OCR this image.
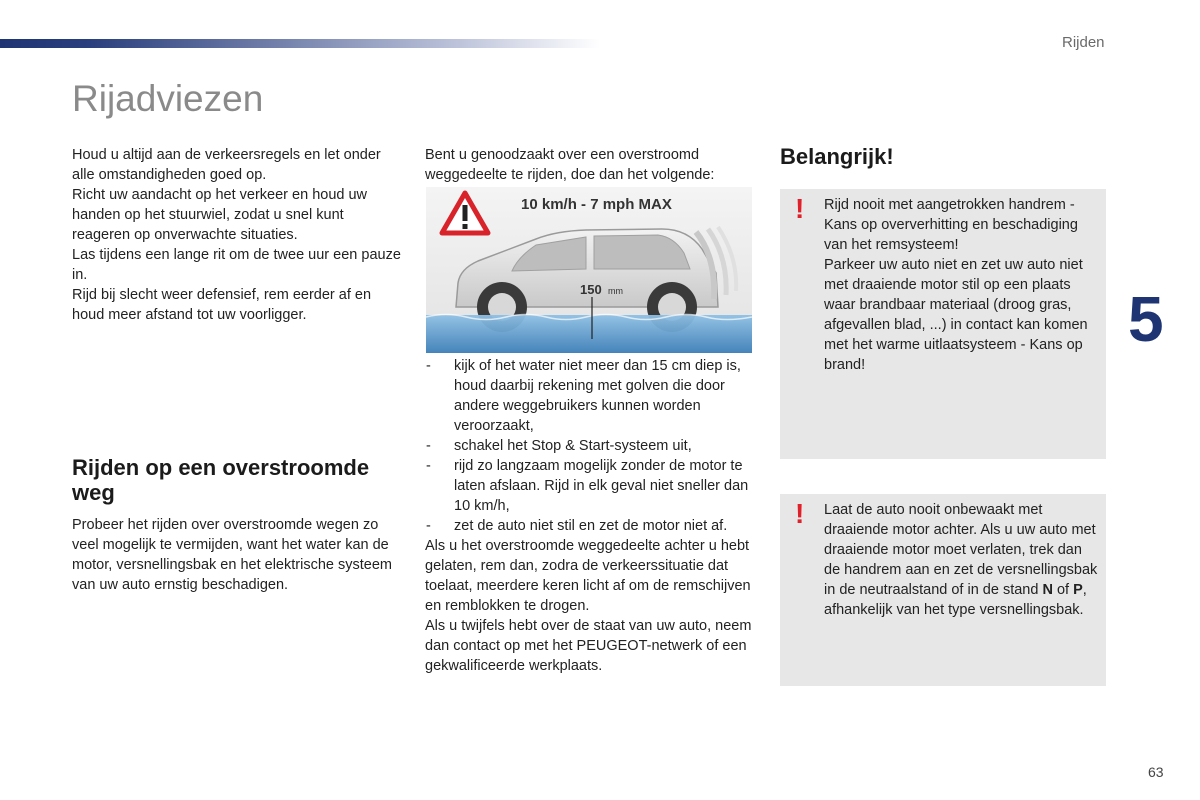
Rijden
Rijadviezen

Houd u altijd aan de verkeersregels en let onder alle omstandigheden goed op.

Richt uw aandacht op het verkeer en houd uw handen op het stuurwiel, zodat u snel kunt reageren op onverwachte situaties.

Las tijdens een lange rit om de twee uur een pauze in.

Rijd bij slecht weer defensief, rem eerder af en houd meer afstand tot uw voorligger.

Rijden op een overstroomde weg

Probeer het rijden over overstroomde wegen zo veel mogelijk te vermijden, want het water kan de motor, versnellingsbak en het elektrische systeem van uw auto ernstig beschadigen.

Bent u genoodzaakt over een overstroomd weggedeelte te rijden, doe dan het volgende:

10 km/h - 7 mph MAX
150 mm
- kijk of het water niet meer dan 15 cm diep is, houd daarbij rekening met golven die door andere weggebruikers kunnen worden veroorzaakt,
- schakel het Stop & Start-systeem uit,
- rijd zo langzaam mogelijk zonder de motor te laten afslaan. Rijd in elk geval niet sneller dan 10 km/h,
- zet de auto niet stil en zet de motor niet af.

Als u het overstroomde weggedeelte achter u hebt gelaten, rem dan, zodra de verkeerssituatie dat toelaat, meerdere keren licht af om de remschijven en remblokken te drogen.

Als u twijfels hebt over de staat van uw auto, neem dan contact op met het PEUGEOT-netwerk of een gekwalificeerde werkplaats.

Belangrijk!
! Rijd nooit met aangetrokken handrem - Kans op oververhitting en beschadiging van het remsysteem!
Parkeer uw auto niet en zet uw auto niet met draaiende motor stil op een plaats waar brandbaar materiaal (droog gras, afgevallen blad, ...) in contact kan komen met het warme uitlaatsysteem - Kans op brand!
! Laat de auto nooit onbewaakt met draaiende motor achter. Als u uw auto met draaiende motor moet verlaten, trek dan de handrem aan en zet de versnellingsbak in de neutraalstand of in de stand N of P, afhankelijk van het type versnellingsbak.
5
63
